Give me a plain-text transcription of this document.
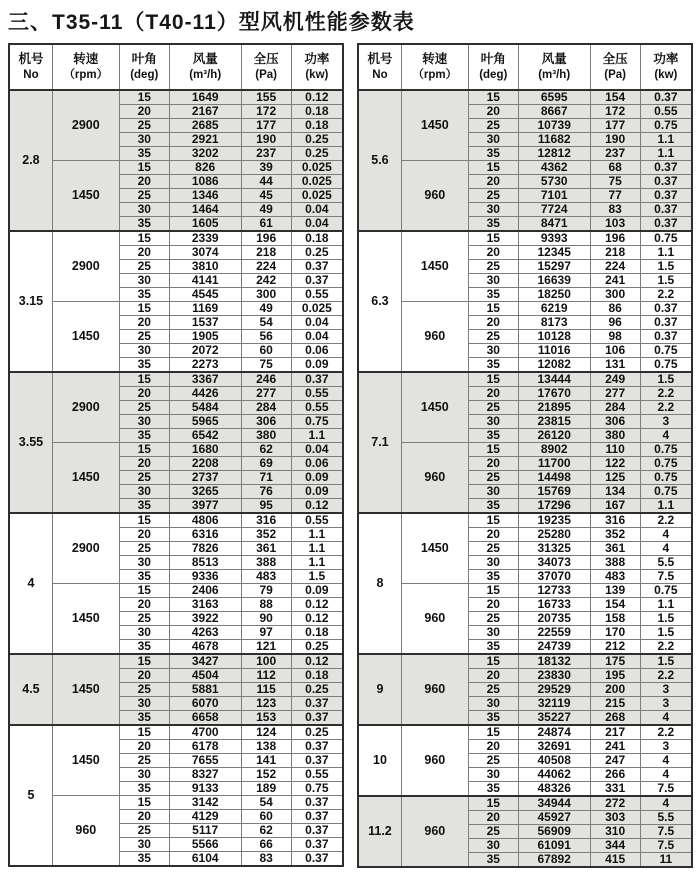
三、T35-11（T40-11）型风机性能参数表
机号
No

转速
（rpm）

叶角
(deg)

风量
(m³/h)

全压
(Pa)

功率
(kw)

2.8	2900	15	1649	155	0.12
		20	2167	172	0.18
		25	2685	177	0.18
		30	2921	190	0.25
		35	3202	237	0.25
	1450	15	826	39	0.025
		20	1086	44	0.025
		25	1346	45	0.025
		30	1464	49	0.04
		35	1605	61	0.04
3.15	2900	15	2339	196	0.18
		20	3074	218	0.25
		25	3810	224	0.37
		30	4141	242	0.37
		35	4545	300	0.55
	1450	15	1169	49	0.025
		20	1537	54	0.04
		25	1905	56	0.04
		30	2072	60	0.06
		35	2273	75	0.09
3.55	2900	15	3367	246	0.37
		20	4426	277	0.55
		25	5484	284	0.55
		30	5965	306	0.75
		35	6542	380	1.1
	1450	15	1680	62	0.04
		20	2208	69	0.06
		25	2737	71	0.09
		30	3265	76	0.09
		35	3977	95	0.12
4	2900	15	4806	316	0.55
		20	6316	352	1.1
		25	7826	361	1.1
		30	8513	388	1.1
		35	9336	483	1.5
	1450	15	2406	79	0.09
		20	3163	88	0.12
		25	3922	90	0.12
		30	4263	97	0.18
		35	4678	121	0.25
4.5	1450	15	3427	100	0.12
		20	4504	112	0.18
		25	5881	115	0.25
		30	6070	123	0.37
		35	6658	153	0.37
5	1450	15	4700	124	0.25
		20	6178	138	0.37
		25	7655	141	0.37
		30	8327	152	0.55
		35	9133	189	0.75
	960	15	3142	54	0.37
		20	4129	60	0.37
		25	5117	62	0.37
		30	5566	66	0.37
		35	6104	83	0.37
机号
No

转速
（rpm）

叶角
(deg)

风量
(m³/h)

全压
(Pa)

功率
(kw)

5.6	1450	15	6595	154	0.37
		20	8667	172	0.55
		25	10739	177	0.75
		30	11682	190	1.1
		35	12812	237	1.1
	960	15	4362	68	0.37
		20	5730	75	0.37
		25	7101	77	0.37
		30	7724	83	0.37
		35	8471	103	0.37
6.3	1450	15	9393	196	0.75
		20	12345	218	1.1
		25	15297	224	1.5
		30	16639	241	1.5
		35	18250	300	2.2
	960	15	6219	86	0.37
		20	8173	96	0.37
		25	10128	98	0.37
		30	11016	106	0.75
		35	12082	131	0.75
7.1	1450	15	13444	249	1.5
		20	17670	277	2.2
		25	21895	284	2.2
		30	23815	306	3
		35	26120	380	4
	960	15	8902	110	0.75
		20	11700	122	0.75
		25	14498	125	0.75
		30	15769	134	0.75
		35	17296	167	1.1
8	1450	15	19235	316	2.2
		20	25280	352	4
		25	31325	361	4
		30	34073	388	5.5
		35	37070	483	7.5
	960	15	12733	139	0.75
		20	16733	154	1.1
		25	20735	158	1.5
		30	22559	170	1.5
		35	24739	212	2.2
9	960	15	18132	175	1.5
		20	23830	195	2.2
		25	29529	200	3
		30	32119	215	3
		35	35227	268	4
10	960	15	24874	217	2.2
		20	32691	241	3
		25	40508	247	4
		30	44062	266	4
		35	48326	331	7.5
11.2	960	15	34944	272	4
		20	45927	303	5.5
		25	56909	310	7.5
		30	61091	344	7.5
		35	67892	415	11
